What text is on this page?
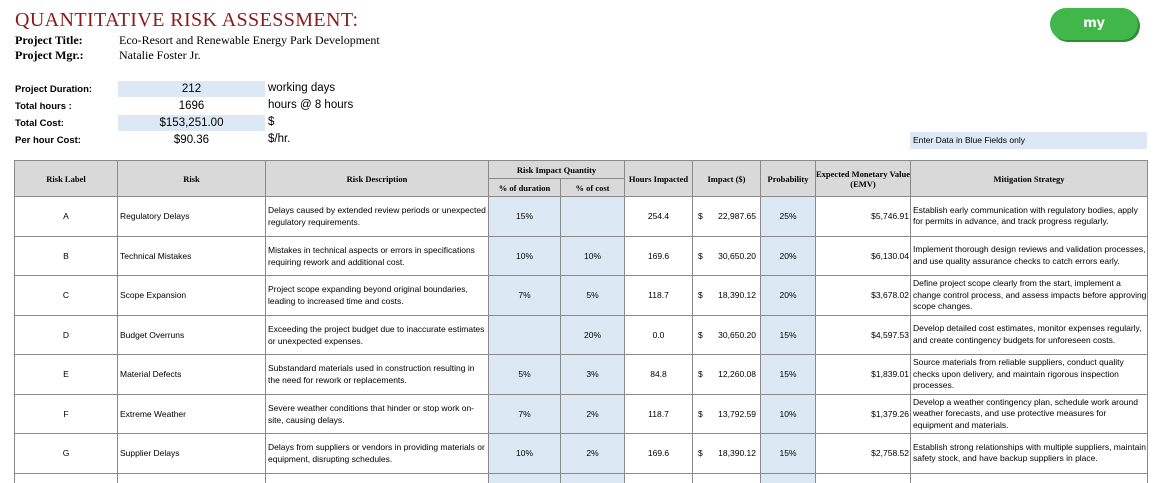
QUANTITATIVE RISK ASSESSMENT:
Project Title:	Eco-Resort and Renewable Energy Park Development
Project Mgr.:	Natalie Foster Jr.
my company
Project Duration:	212	working days
Total hours :	1696	hours @ 8 hours
Total Cost:	$153,251.00	$
Per hour Cost:	$90.36	$/hr.	Enter Data in Blue Fields only
Risk Label	Risk	Risk Description	Risk Impact Quantity		Hours Impacted	Impact ($)	Probability	Expected Monetary Value (EMV)	Mitigation Strategy
			% of duration	% of cost					
A	Regulatory Delays	Delays caused by extended review periods or unexpected regulatory requirements.	15%		254.4	$ 22,987.65	25%	$5,746.91	Establish early communication with regulatory bodies, apply for permits in advance, and track progress regularly.
B	Technical Mistakes	Mistakes in technical aspects or errors in specifications requiring rework and additional cost.	10%	10%	169.6	$ 30,650.20	20%	$6,130.04	Implement thorough design reviews and validation processes, and use quality assurance checks to catch errors early.
C	Scope Expansion	Project scope expanding beyond original boundaries, leading to increased time and costs.	7%	5%	118.7	$ 18,390.12	20%	$3,678.02	Define project scope clearly from the start, implement a change control process, and assess impacts before approving scope changes.
D	Budget Overruns	Exceeding the project budget due to inaccurate estimates or unexpected expenses.		20%	0.0	$ 30,650.20	15%	$4,597.53	Develop detailed cost estimates, monitor expenses regularly, and create contingency budgets for unforeseen costs.
E	Material Defects	Substandard materials used in construction resulting in the need for rework or replacements.	5%	3%	84.8	$ 12,260.08	15%	$1,839.01	Source materials from reliable suppliers, conduct quality checks upon delivery, and maintain rigorous inspection processes.
F	Extreme Weather	Severe weather conditions that hinder or stop work on-site, causing delays.	7%	2%	118.7	$ 13,792.59	10%	$1,379.26	Develop a weather contingency plan, schedule work around weather forecasts, and use protective measures for equipment and materials.
G	Supplier Delays	Delays from suppliers or vendors in providing materials or equipment, disrupting schedules.	10%	2%	169.6	$ 18,390.12	15%	$2,758.52	Establish strong relationships with multiple suppliers, maintain safety stock, and have backup suppliers in place.
